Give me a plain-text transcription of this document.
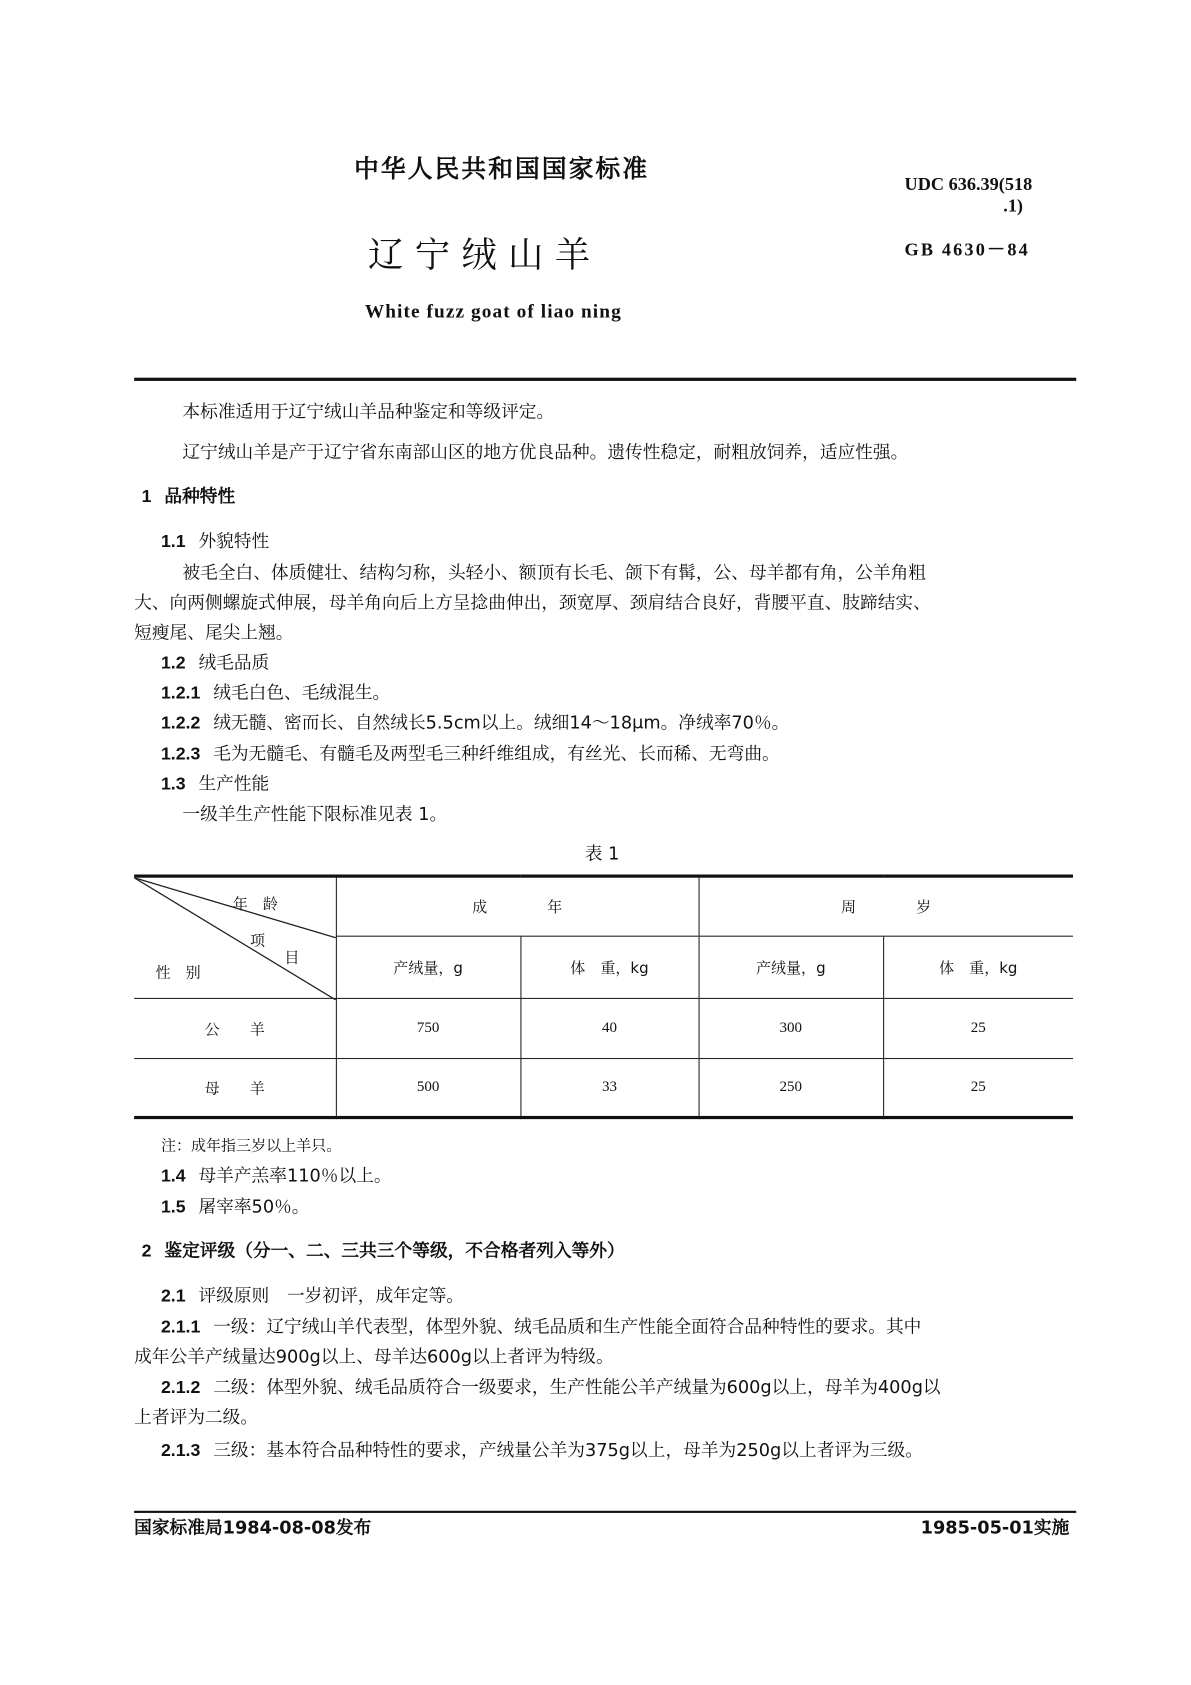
中华人民共和国国家标准
辽 宁 绒 山 羊
White fuzz goat of liao ning
UDC 636.39(518
.1)
GB 4630－84
本标准适用于辽宁绒山羊品种鉴定和等级评定。
辽宁绒山羊是产于辽宁省东南部山区的地方优良品种。遗传性稳定，耐粗放饲养，适应性强。
1 品种特性
1.1 外貌特性
被毛全白、体质健壮、结构匀称，头轻小、额顶有长毛、颌下有髯，公、母羊都有角，公羊角粗
大、向两侧螺旋式伸展，母羊角向后上方呈捻曲伸出，颈宽厚、颈肩结合良好，背腰平直、肢蹄结实、
短瘦尾、尾尖上翘。
1.2 绒毛品质
1.2.1 绒毛白色、毛绒混生。
1.2.2 绒无髓、密而长、自然绒长5.5cm以上。绒细14～18μm。净绒率70％。
1.2.3 毛为无髓毛、有髓毛及两型毛三种纤维组成，有丝光、长而稀、无弯曲。
1.3 生产性能
一级羊生产性能下限标准见表 1。
表 1
年　龄
项
目
性　别	成　　　　年		周　　　　岁	
	产绒量，g	体　重，kg	产绒量，g	体　重，kg
公　　羊	750	40	300	25
母　　羊	500	33	250	25
注：成年指三岁以上羊只。
1.4 母羊产羔率110％以上。
1.5 屠宰率50％。
2 鉴定评级（分一、二、三共三个等级，不合格者列入等外）
2.1 评级原则　一岁初评，成年定等。
2.1.1 一级：辽宁绒山羊代表型，体型外貌、绒毛品质和生产性能全面符合品种特性的要求。其中
成年公羊产绒量达900g以上、母羊达600g以上者评为特级。
2.1.2 二级：体型外貌、绒毛品质符合一级要求，生产性能公羊产绒量为600g以上，母羊为400g以
上者评为二级。
2.1.3 三级：基本符合品种特性的要求，产绒量公羊为375g以上，母羊为250g以上者评为三级。
国家标准局1984-08-08发布	1985-05-01实施
